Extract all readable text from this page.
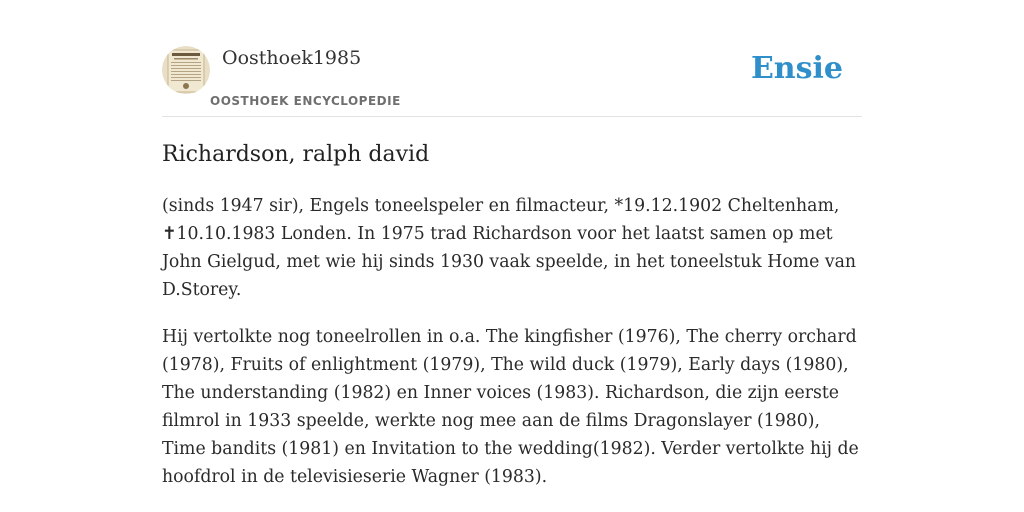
Oosthoek1985
OOSTHOEK ENCYCLOPEDIE
Ensie
Richardson, ralph david

(sinds 1947 sir), Engels toneelspeler en filmacteur, *19.12.1902 Cheltenham, ✝10.10.1983 Londen. In 1975 trad Richardson voor het laatst samen op met John Gielgud, met wie hij sinds 1930 vaak speelde, in het toneelstuk Home van D.Storey.

Hij vertolkte nog toneelrollen in o.a. The kingfisher (1976), The cherry orchard (1978), Fruits of enlightment (1979), The wild duck (1979), Early days (1980), The understanding (1982) en Inner voices (1983). Richardson, die zijn eerste filmrol in 1933 speelde, werkte nog mee aan de films Dragonslayer (1980), Time bandits (1981) en Invitation to the wedding(1982). Verder vertolkte hij de hoofdrol in de televisieserie Wagner (1983).
